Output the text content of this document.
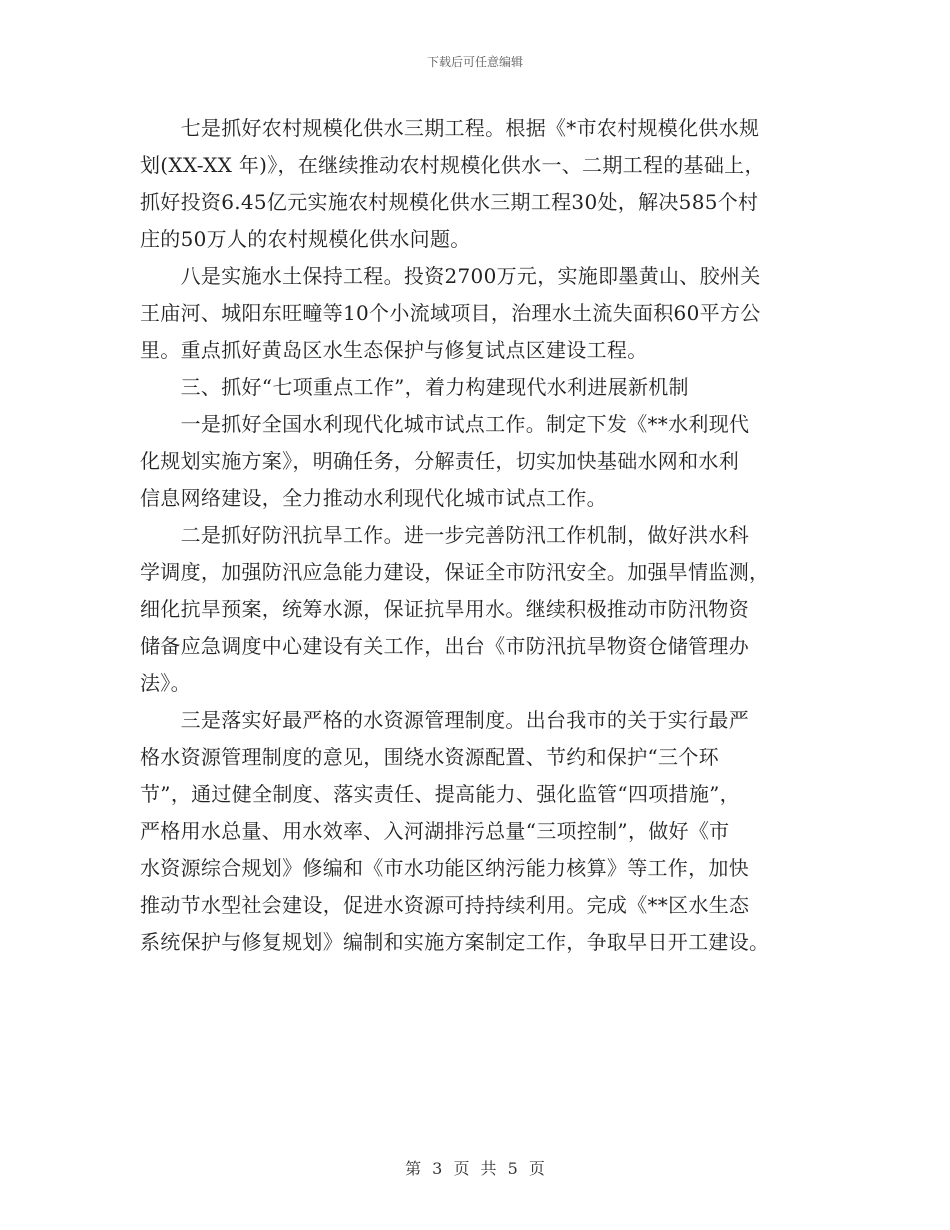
下载后可任意编辑
　　七是抓好农村规模化供水三期工程。根据《*市农村规模化供水规
划(XX-XX 年)》，在继续推动农村规模化供水一、二期工程的基础上，
抓好投资6.45亿元实施农村规模化供水三期工程30处，解决585个村
庄的50万人的农村规模化供水问题。
　　八是实施水土保持工程。投资2700万元，实施即墨黄山、胶州关
王庙河、城阳东旺疃等10个小流域项目，治理水土流失面积60平方公
里。重点抓好黄岛区水生态保护与修复试点区建设工程。
　　三、抓好“七项重点工作”，着力构建现代水利进展新机制
　　一是抓好全国水利现代化城市试点工作。制定下发《**水利现代
化规划实施方案》，明确任务，分解责任，切实加快基础水网和水利
信息网络建设，全力推动水利现代化城市试点工作。
　　二是抓好防汛抗旱工作。进一步完善防汛工作机制，做好洪水科
学调度，加强防汛应急能力建设，保证全市防汛安全。加强旱情监测，
细化抗旱预案，统筹水源，保证抗旱用水。继续积极推动市防汛物资
储备应急调度中心建设有关工作，出台《市防汛抗旱物资仓储管理办
法》。
　　三是落实好最严格的水资源管理制度。出台我市的关于实行最严
格水资源管理制度的意见，围绕水资源配置、节约和保护“三个环
节”，通过健全制度、落实责任、提高能力、强化监管“四项措施”，
严格用水总量、用水效率、入河湖排污总量“三项控制”，做好《市
水资源综合规划》修编和《市水功能区纳污能力核算》等工作，加快
推动节水型社会建设，促进水资源可持持续利用。完成《**区水生态
系统保护与修复规划》编制和实施方案制定工作，争取早日开工建设。
第 3 页 共 5 页
